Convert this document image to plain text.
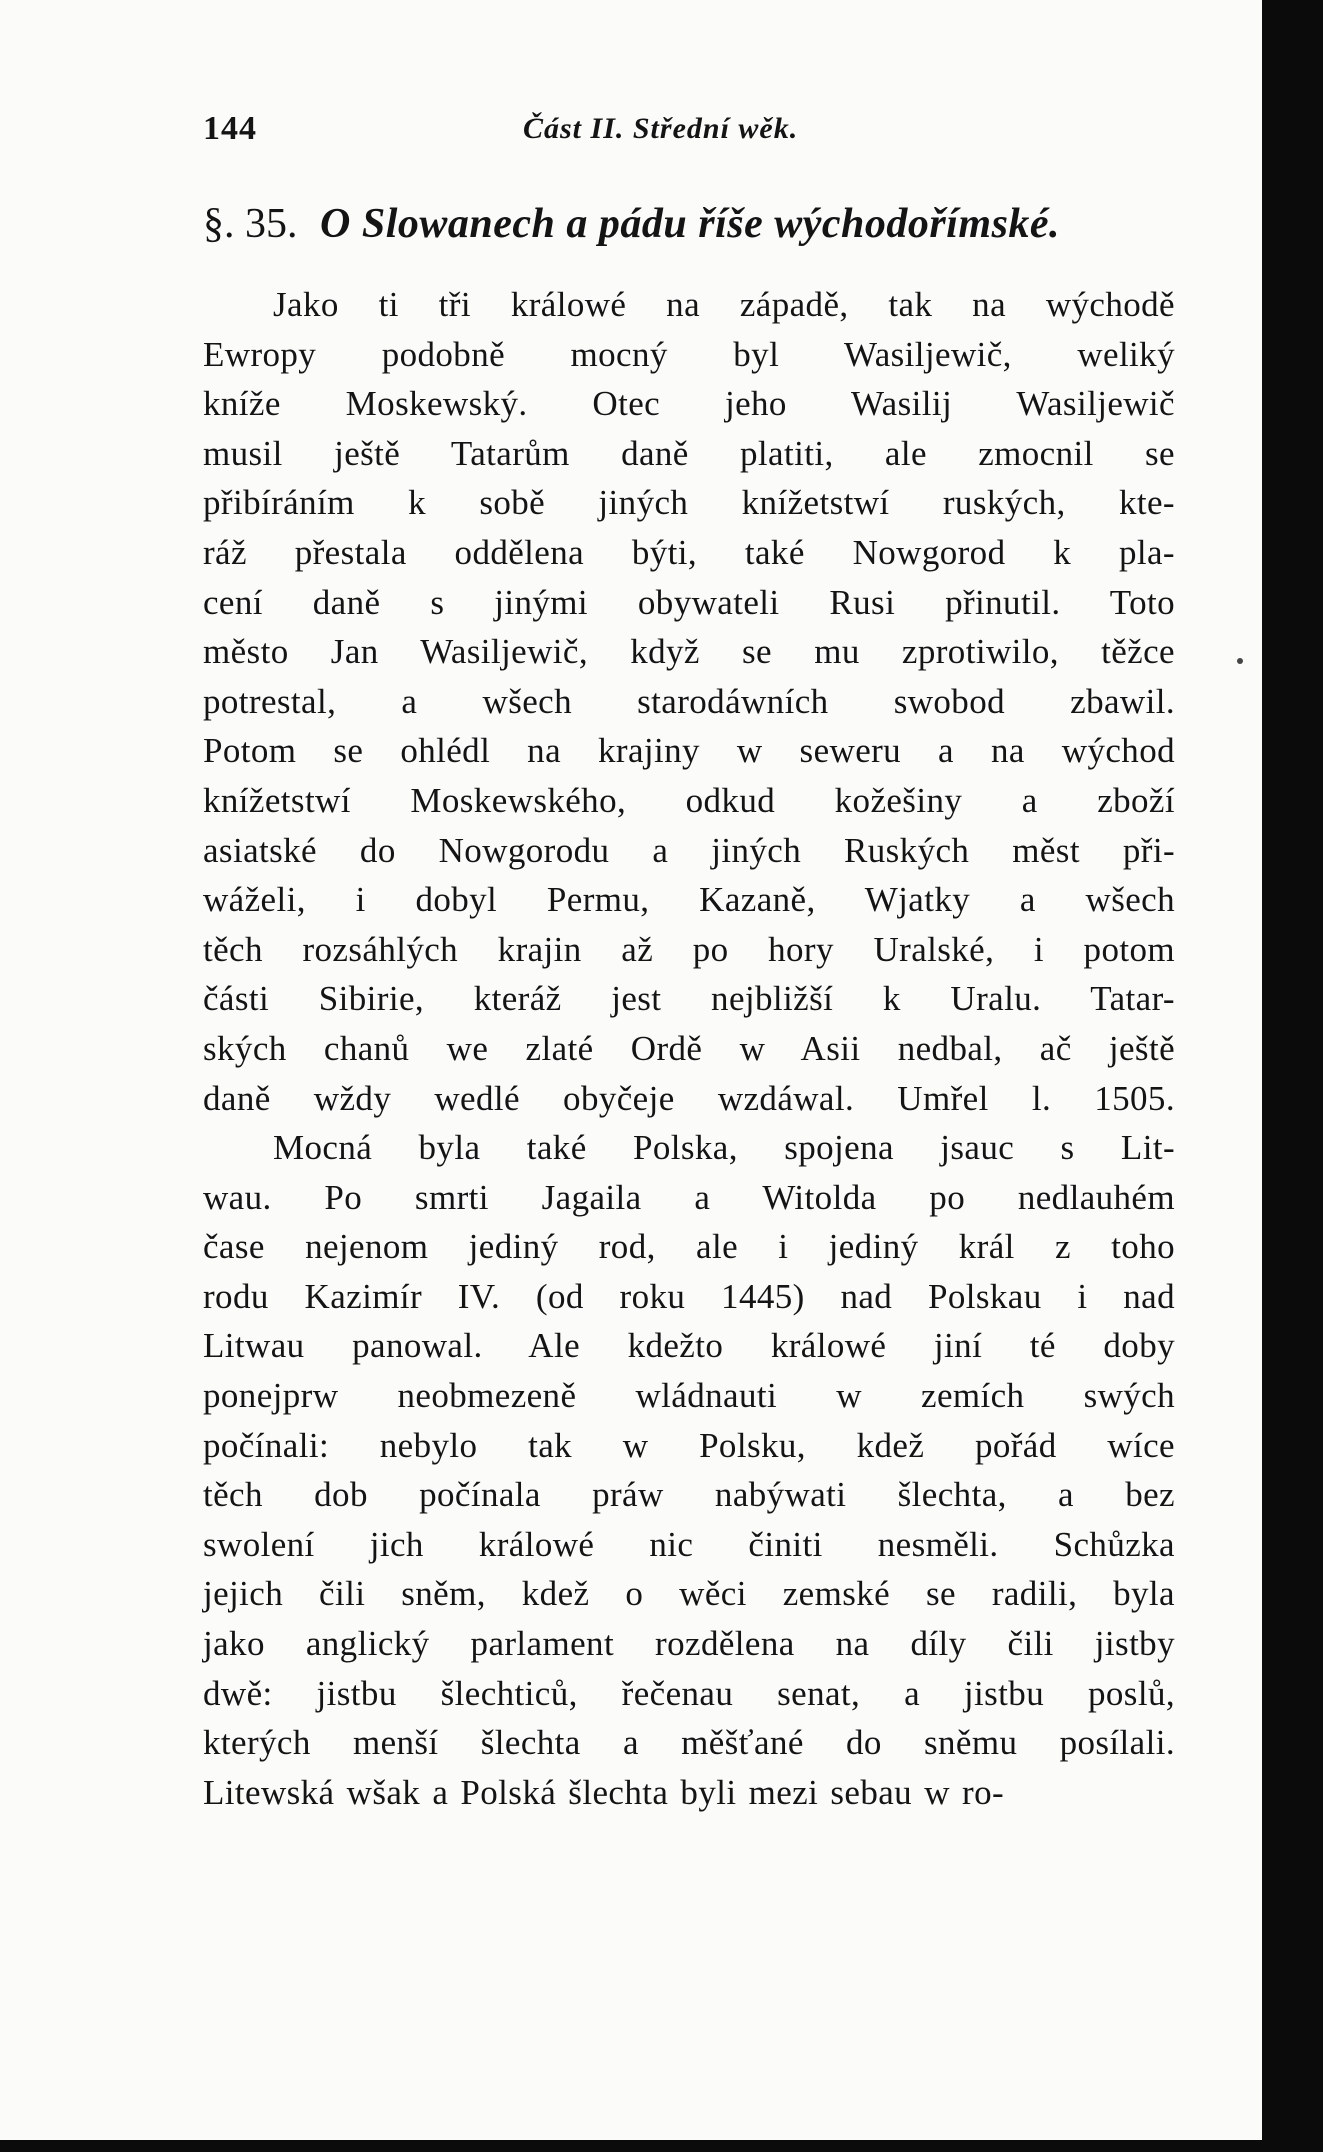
144	Část II. Střední wěk.
§. 35. O Slowanech a pádu říše wýchodořímské.
Jako ti tři králowé na západě, tak na wýchodě
Ewropy podobně mocný byl Wasiljewič, weliký
kníže Moskewský. Otec jeho Wasilij Wasiljewič
musil ještě Tatarům daně platiti, ale zmocnil se
přibíráním k sobě jiných knížetstwí ruských, kte-
ráž přestala oddělena býti, také Nowgorod k pla-
cení daně s jinými obywateli Rusi přinutil. Toto
město Jan Wasiljewič, když se mu zprotiwilo, těžce
potrestal, a wšech starodáwních swobod zbawil.
Potom se ohlédl na krajiny w sewеru a na wýchod
knížetstwí Moskewského, odkud kožešiny a zboží
asiatské do Nowgorodu a jiných Ruských měst při-
wáželi, i dobyl Permu, Kazaně, Wjatky a wšech
těch rozsáhlých krajin až po hory Uralské, i potom
části Sibirie, kteráž jest nejbližší k Uralu. Tatar-
ských chanů we zlaté Ordě w Asii nedbal, ač ještě
daně wždy wedlé obyčeje wzdáwal. Umřel l. 1505.
Mocná byla také Polska, spojena jsauc s Lit-
wau. Po smrti Jagaila a Witolda po nedlauhém
čase nejenom jediný rod, ale i jediný král z toho
rodu Kazimír IV. (od roku 1445) nad Polskau i nad
Litwau panowal. Ale kdežto králowé jiní té doby
ponejprw neobmezeně wládnauti w zemích swých
počínali: nebylo tak w Polsku, kdež pořád wíce
těch dob počínala práw nabýwati šlechta, a bez
swolení jich králowé nic činiti nesměli. Schůzka
jejich čili sněm, kdež o wěci zemské se radili, byla
jako anglický parlament rozdělena na díly čili jistby
dwě: jistbu šlechticů, řečenau senat, a jistbu poslů,
kterých menší šlechta a měšťané do sněmu posílali.
Litewská wšak a Polská šlechta byli mezi sebau w ro-
